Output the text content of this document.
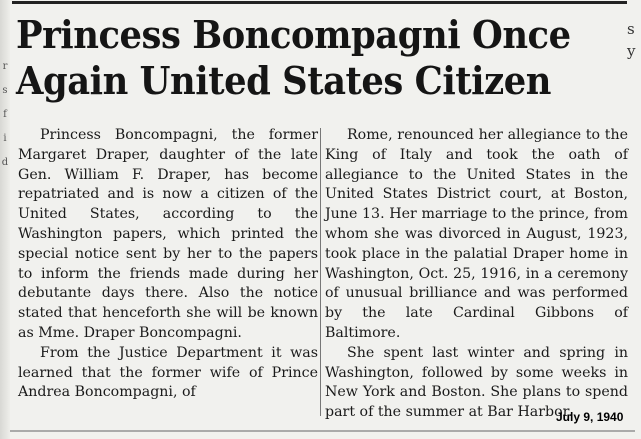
r s f i d
s y
Princess Boncompagni Once
Again United States Citizen

Princess Boncompagni, the former Margaret Draper, daughter of the late Gen. William F. Draper, has become repatriated and is now a citizen of the United States, according to the Washington papers, which printed the special notice sent by her to the papers to inform the friends made during her debutante days there. Also the notice stated that henceforth she will be known as Mme. Draper Boncompagni.

From the Justice Department it was learned that the former wife of Prince Andrea Boncompagni, of

Rome, renounced her allegiance to the King of Italy and took the oath of allegiance to the United States in the United States District court, at Boston, June 13. Her marriage to the prince, from whom she was divorced in August, 1923, took place in the palatial Draper home in Washington, Oct. 25, 1916, in a ceremony of unusual brilliance and was performed by the late Cardinal Gibbons of Baltimore.

She spent last winter and spring in Washington, followed by some weeks in New York and Boston. She plans to spend part of the summer at Bar Harbor.

July 9, 1940
